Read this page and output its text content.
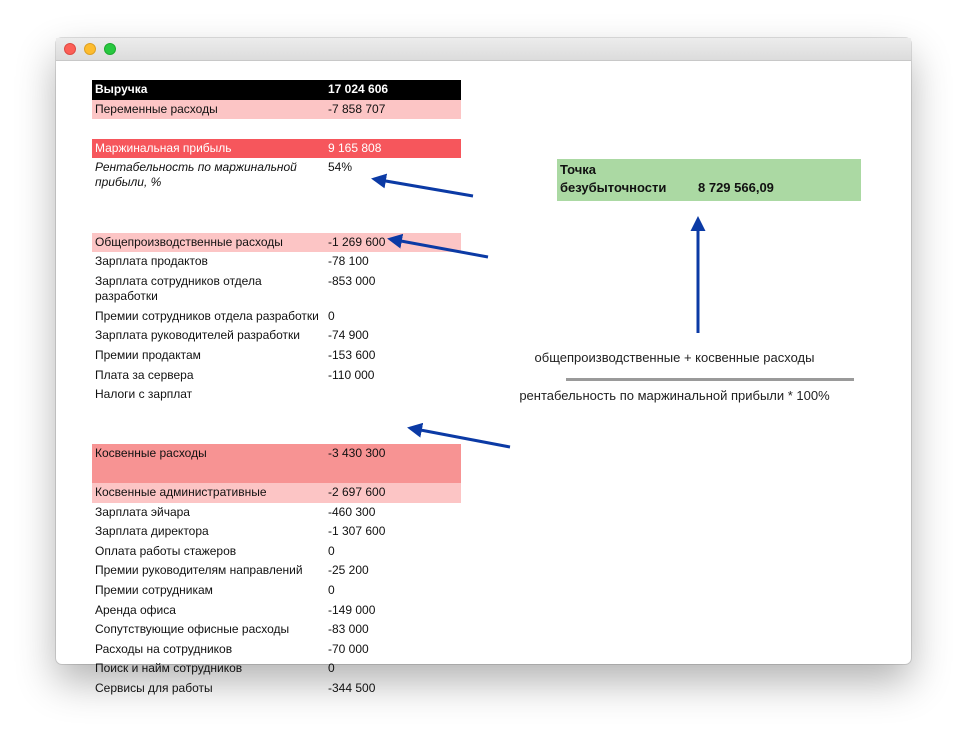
Выручка	17 024 606
Переменные расходы	-7 858 707
Маржинальная прибыль	9 165 808
Рентабельность по маржинальной прибыли, %
54%
Общепроизводственные расходы	-1 269 600
Зарплата продактов	-78 100
Зарплата сотрудников отдела разработки
-853 000
Премии сотрудников отдела разработки 0
Зарплата руководителей разработки	-74 900
Премии продактам	-153 600
Плата за сервера	-110 000
Налоги с зарплат
Косвенные расходы	-3 430 300
Косвенные административные	-2 697 600
Зарплата эйчара	-460 300
Зарплата директора	-1 307 600
Оплата работы стажеров	0
Премии руководителям направлений	-25 200
Премии сотрудникам	0
Аренда офиса	-149 000
Сопутствующие офисные расходы	-83 000
Расходы на сотрудников	-70 000
Поиск и найм сотрудников	0
Сервисы для работы	-344 500
Точка
безубыточности 8 729 566,09
общепроизводственные + косвенные расходы
рентабельность по маржинальной прибыли * 100%
